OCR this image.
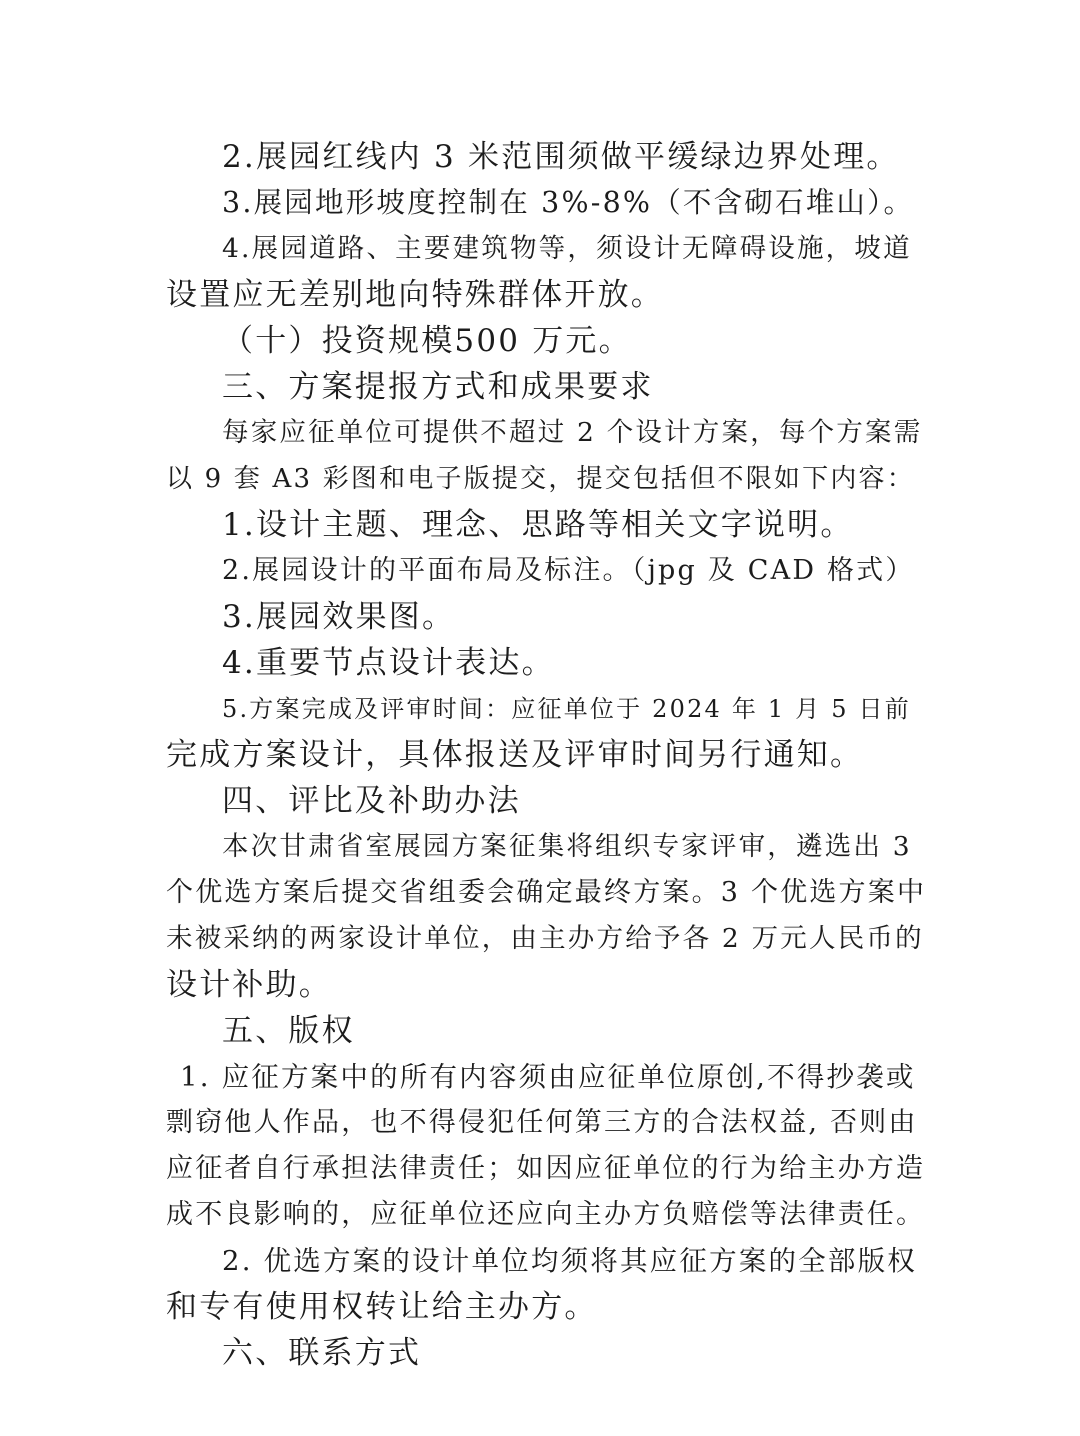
2.展园红线内 3 米范围须做平缓绿边界处理。
3.展园地形坡度控制在 3%-8%（不含砌石堆山）。
4.展园道路、主要建筑物等，须设计无障碍设施，坡道
设置应无差别地向特殊群体开放。
（十）投资规模500 万元。
三、方案提报方式和成果要求
每家应征单位可提供不超过 2 个设计方案，每个方案需
以 9 套 A3 彩图和电子版提交，提交包括但不限如下内容：
1.设计主题、理念、思路等相关文字说明。
2.展园设计的平面布局及标注。（jpg 及 CAD 格式）
3.展园效果图。
4.重要节点设计表达。
5.方案完成及评审时间：应征单位于 2024 年 1 月 5 日前
完成方案设计，具体报送及评审时间另行通知。
四、评比及补助办法
本次甘肃省室展园方案征集将组织专家评审，遴选出 3
个优选方案后提交省组委会确定最终方案。3 个优选方案中
未被采纳的两家设计单位，由主办方给予各 2 万元人民币的
设计补助。
五、版权
1. 应征方案中的所有内容须由应征单位原创,不得抄袭或
剽窃他人作品，也不得侵犯任何第三方的合法权益, 否则由
应征者自行承担法律责任；如因应征单位的行为给主办方造
成不良影响的，应征单位还应向主办方负赔偿等法律责任。
2. 优选方案的设计单位均须将其应征方案的全部版权
和专有使用权转让给主办方。
六、联系方式
